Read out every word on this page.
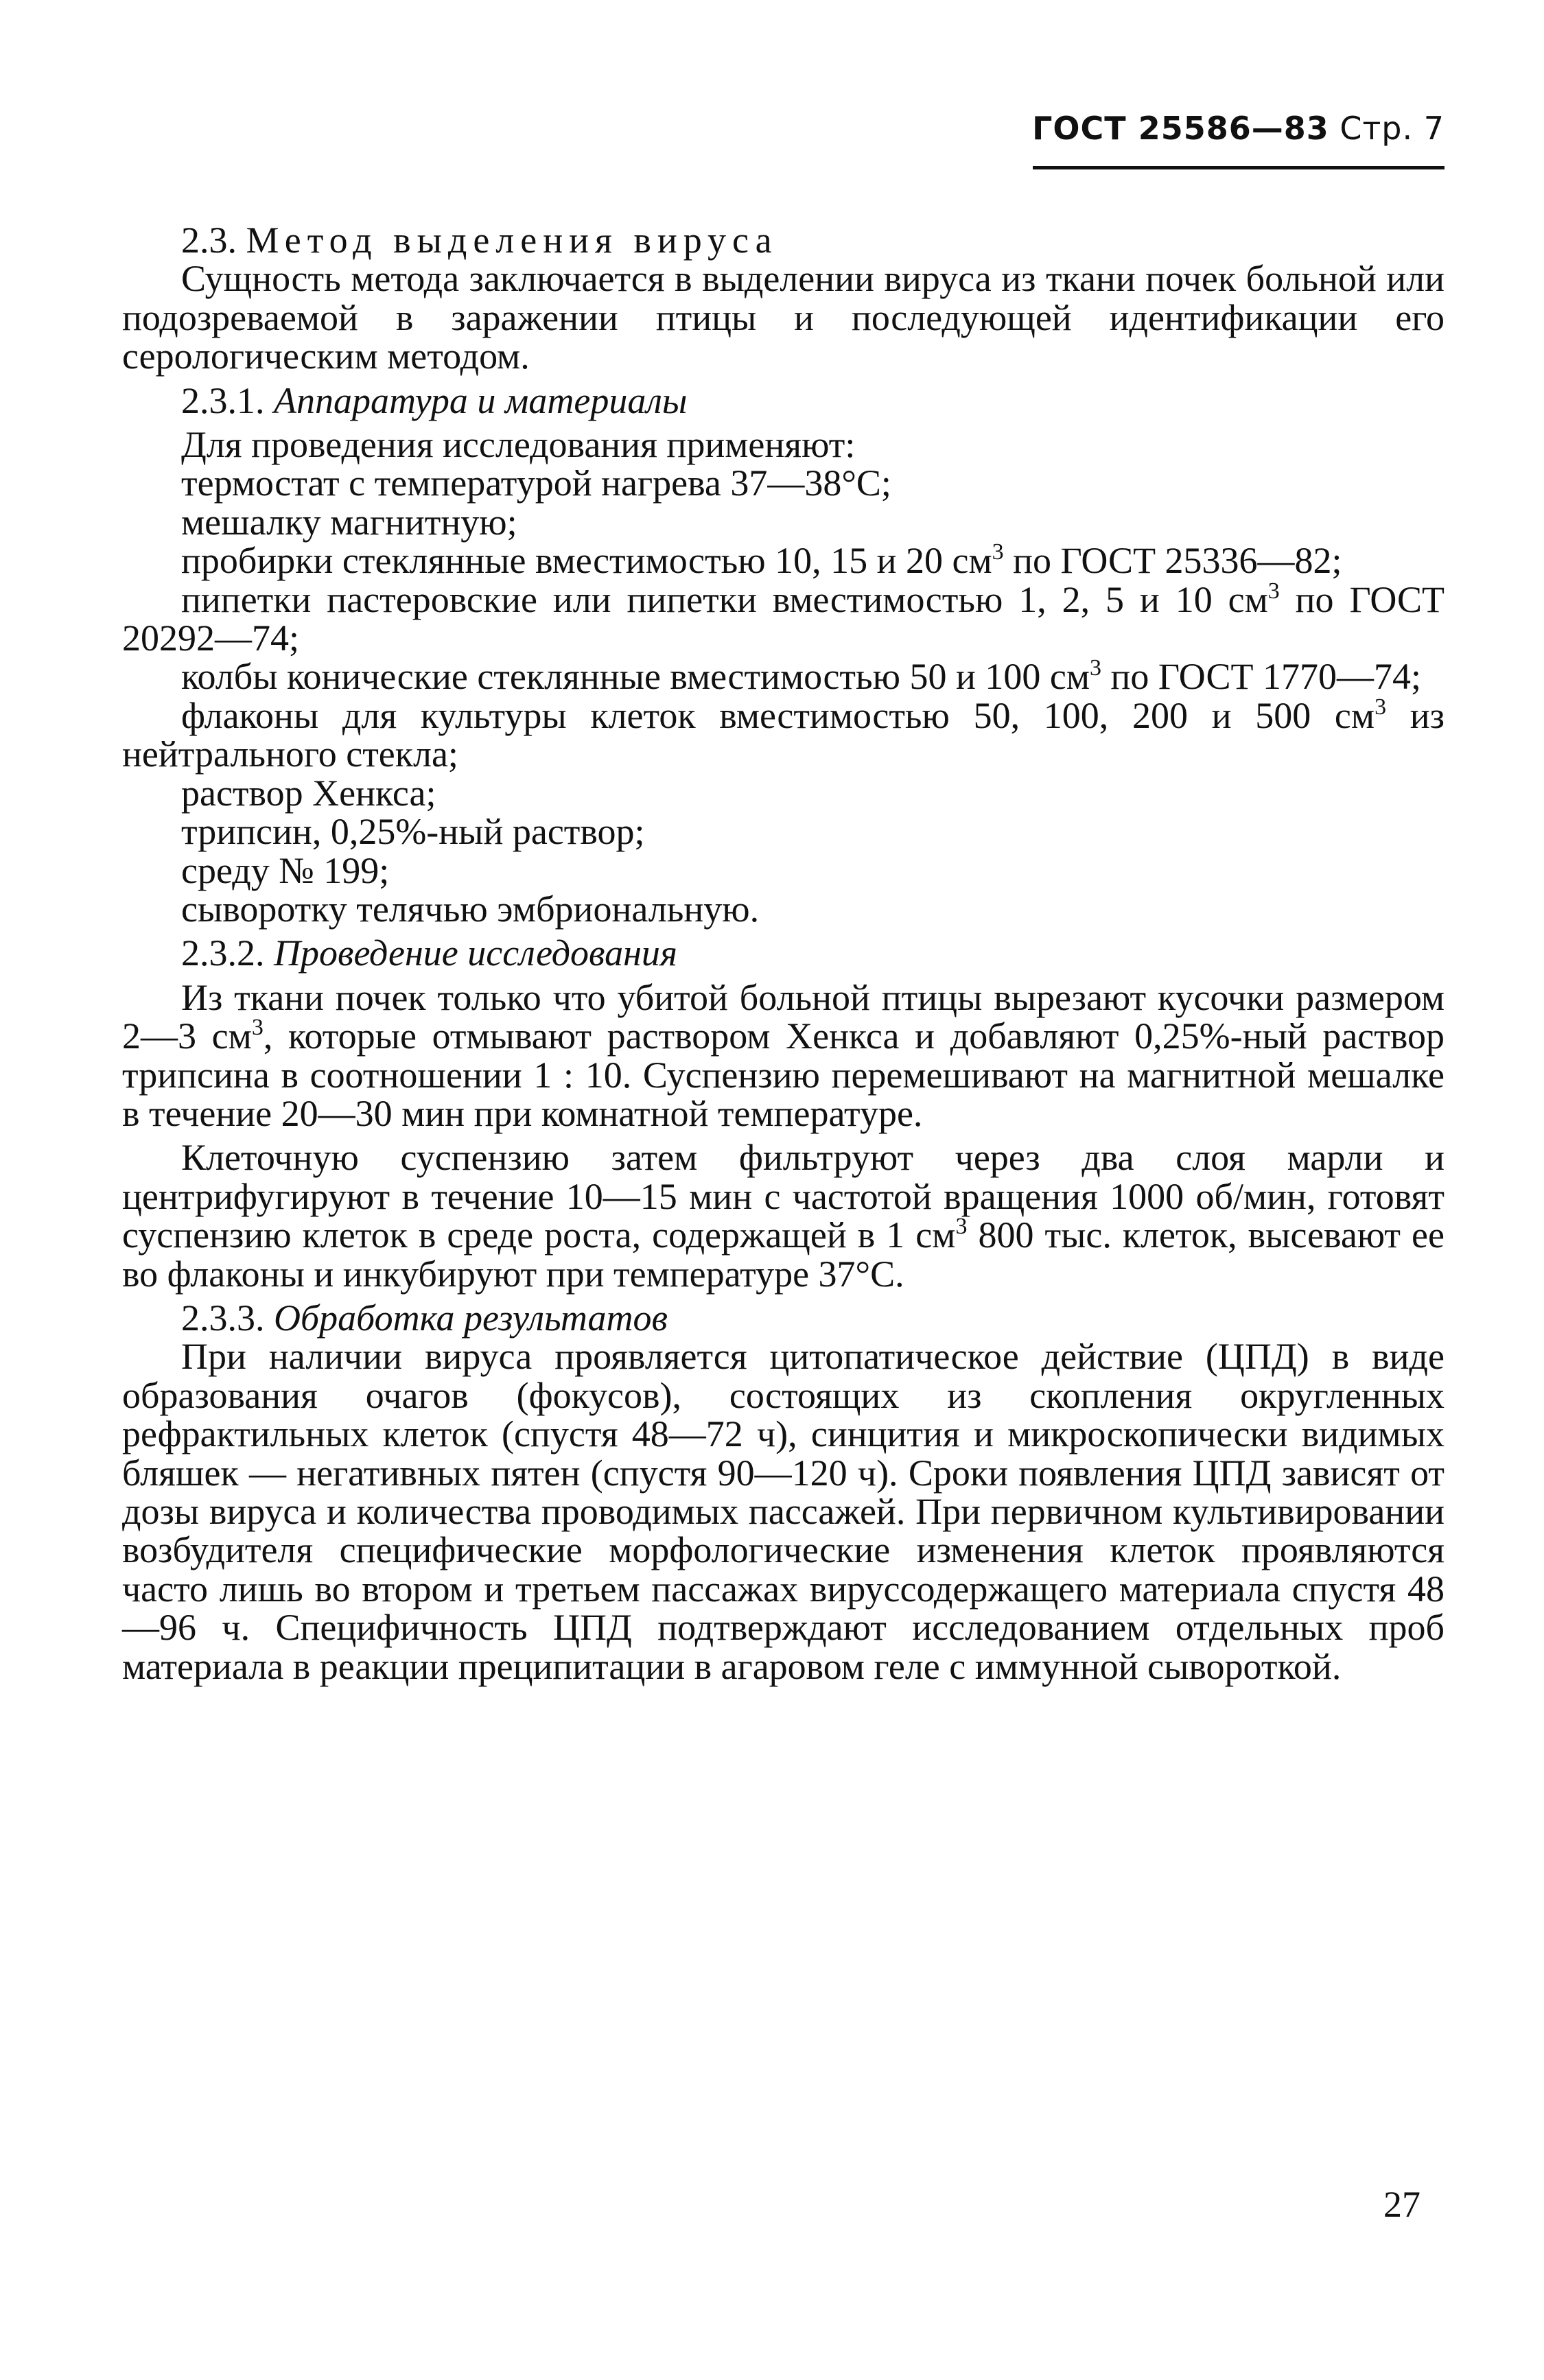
ГОСТ 25586—83 Стр. 7

2.3. Метод выделения вируса

Сущность метода заключается в выделении вируса из ткани почек больной или подозреваемой в заражении птицы и последующей идентификации его серологическим методом.

2.3.1. Аппаратура и материалы

Для проведения исследования применяют:

термостат с температурой нагрева 37—38°С;

мешалку магнитную;

пробирки стеклянные вместимостью 10, 15 и 20 $см^3$ по ГОСТ 25336—82;

пипетки пастеровские или пипетки вместимостью 1, 2, 5 и 10 $см^3$ по ГОСТ 20292—74;

колбы конические стеклянные вместимостью 50 и 100 $см^3$ по ГОСТ 1770—74;

флаконы для культуры клеток вместимостью 50, 100, 200 и 500 $см^3$ из нейтрального стекла;

раствор Хенкса;

трипсин, 0,25%-ный раствор;

среду № 199;

сыворотку телячью эмбриональную.

2.3.2. Проведение исследования

Из ткани почек только что убитой больной птицы вырезают кусочки размером 2—3 $см^3$, которые отмывают раствором Хенкса и добавляют 0,25%-ный раствор трипсина в соотношении 1 : 10. Суспензию перемешивают на магнитной мешалке в течение 20—30 мин при комнатной температуре.

Клеточную суспензию затем фильтруют через два слоя марли и центрифугируют в течение 10—15 мин с частотой вращения 1000 об/мин, готовят суспензию клеток в среде роста, содержащей в 1 $см^3$ 800 тыс. клеток, высевают ее во флаконы и инкубируют при температуре 37°С.

2.3.3. Обработка результатов

При наличии вируса проявляется цитопатическое действие (ЦПД) в виде образования очагов (фокусов), состоящих из скопления округленных рефрактильных клеток (спустя 48—72 ч), синцития и микроскопически видимых бляшек — негативных пятен (спустя 90—120 ч). Сроки появления ЦПД зависят от дозы вируса и количества проводимых пассажей. При первичном культивировании возбудителя специфические морфологические изменения клеток проявляются часто лишь во втором и третьем пассажах вируссодержащего материала спустя 48—96 ч. Специфичность ЦПД подтверждают исследованием отдельных проб материала в реакции преципитации в агаровом геле с иммунной сывороткой.

27
